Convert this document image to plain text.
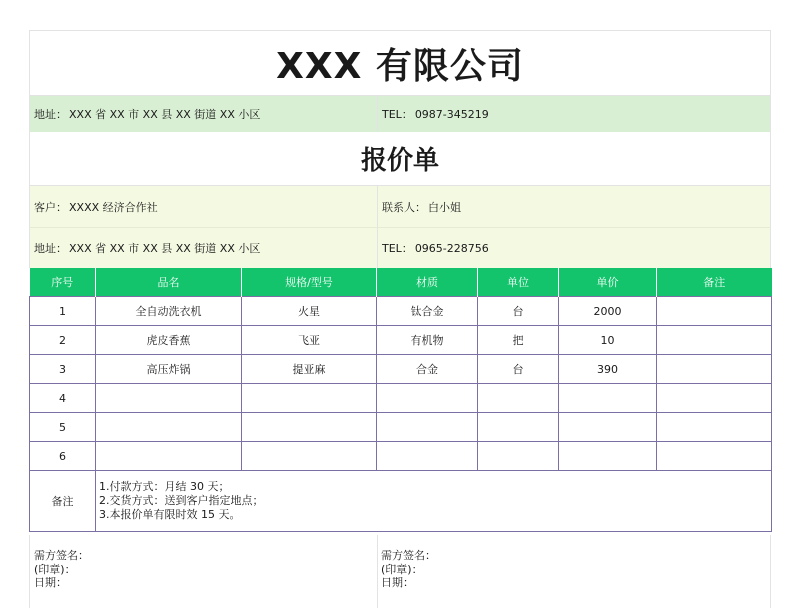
XXX 有限公司
地址： XXX 省 XX 市 XX 县 XX 街道 XX 小区	TEL： 0987-345219
报价单
客户： XXXX 经济合作社	联系人： 白小姐
地址： XXX 省 XX 市 XX 县 XX 街道 XX 小区	TEL： 0965-228756
序号	品名	规格/型号	材质	单位	单价	备注
1	全自动洗衣机	火星	钛合金	台	2000	
2	虎皮香蕉	飞亚	有机物	把	10	
3	高压炸锅	提亚麻	合金	台	390	
4						
5						
6						
备注	1.付款方式：月结 30 天；
2.交货方式：送到客户指定地点；
3.本报价单有限时效 15 天。					
需方签名：
(印章)：
日期：
需方签名：
(印章)：
日期：
